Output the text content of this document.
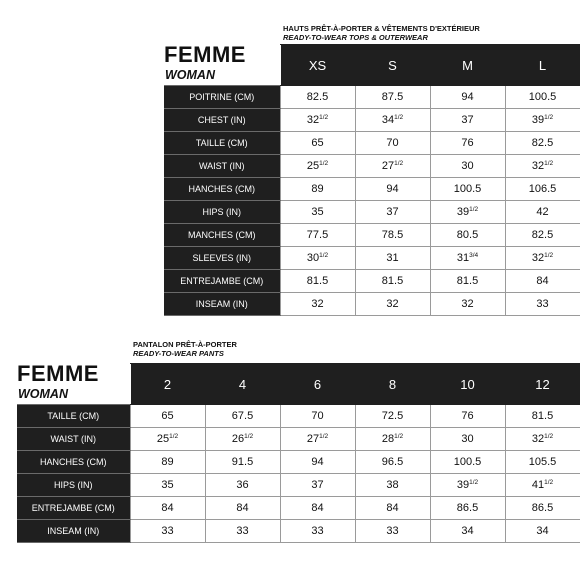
HAUTS PRÊT-À-PORTER & VÊTEMENTS D'EXTÉRIEUR
READY-TO-WEAR TOPS & OUTERWEAR
FEMME
WOMAN
	XS	S	M	L
POITRINE (CM)	82.5	87.5	94	100.5
CHEST (IN)	$32^{1/2}$	$34^{1/2}$	37	$39^{1/2}$
TAILLE (CM)	65	70	76	82.5
WAIST (IN)	$25^{1/2}$	$27^{1/2}$	30	$32^{1/2}$
HANCHES (CM)	89	94	100.5	106.5
HIPS (IN)	35	37	$39^{1/2}$	42
MANCHES (CM)	77.5	78.5	80.5	82.5
SLEEVES (IN)	$30^{1/2}$	31	$31^{3/4}$	$32^{1/2}$
ENTREJAMBE (CM)	81.5	81.5	81.5	84
INSEAM (IN)	32	32	32	33
PANTALON PRÊT-À-PORTER
READY-TO-WEAR PANTS
FEMME
WOMAN
	2	4	6	8	10	12
TAILLE (CM)	65	67.5	70	72.5	76	81.5
WAIST (IN)	$25^{1/2}$	$26^{1/2}$	$27^{1/2}$	$28^{1/2}$	30	$32^{1/2}$
HANCHES (CM)	89	91.5	94	96.5	100.5	105.5
HIPS (IN)	35	36	37	38	$39^{1/2}$	$41^{1/2}$
ENTREJAMBE (CM)	84	84	84	84	86.5	86.5
INSEAM (IN)	33	33	33	33	34	34
